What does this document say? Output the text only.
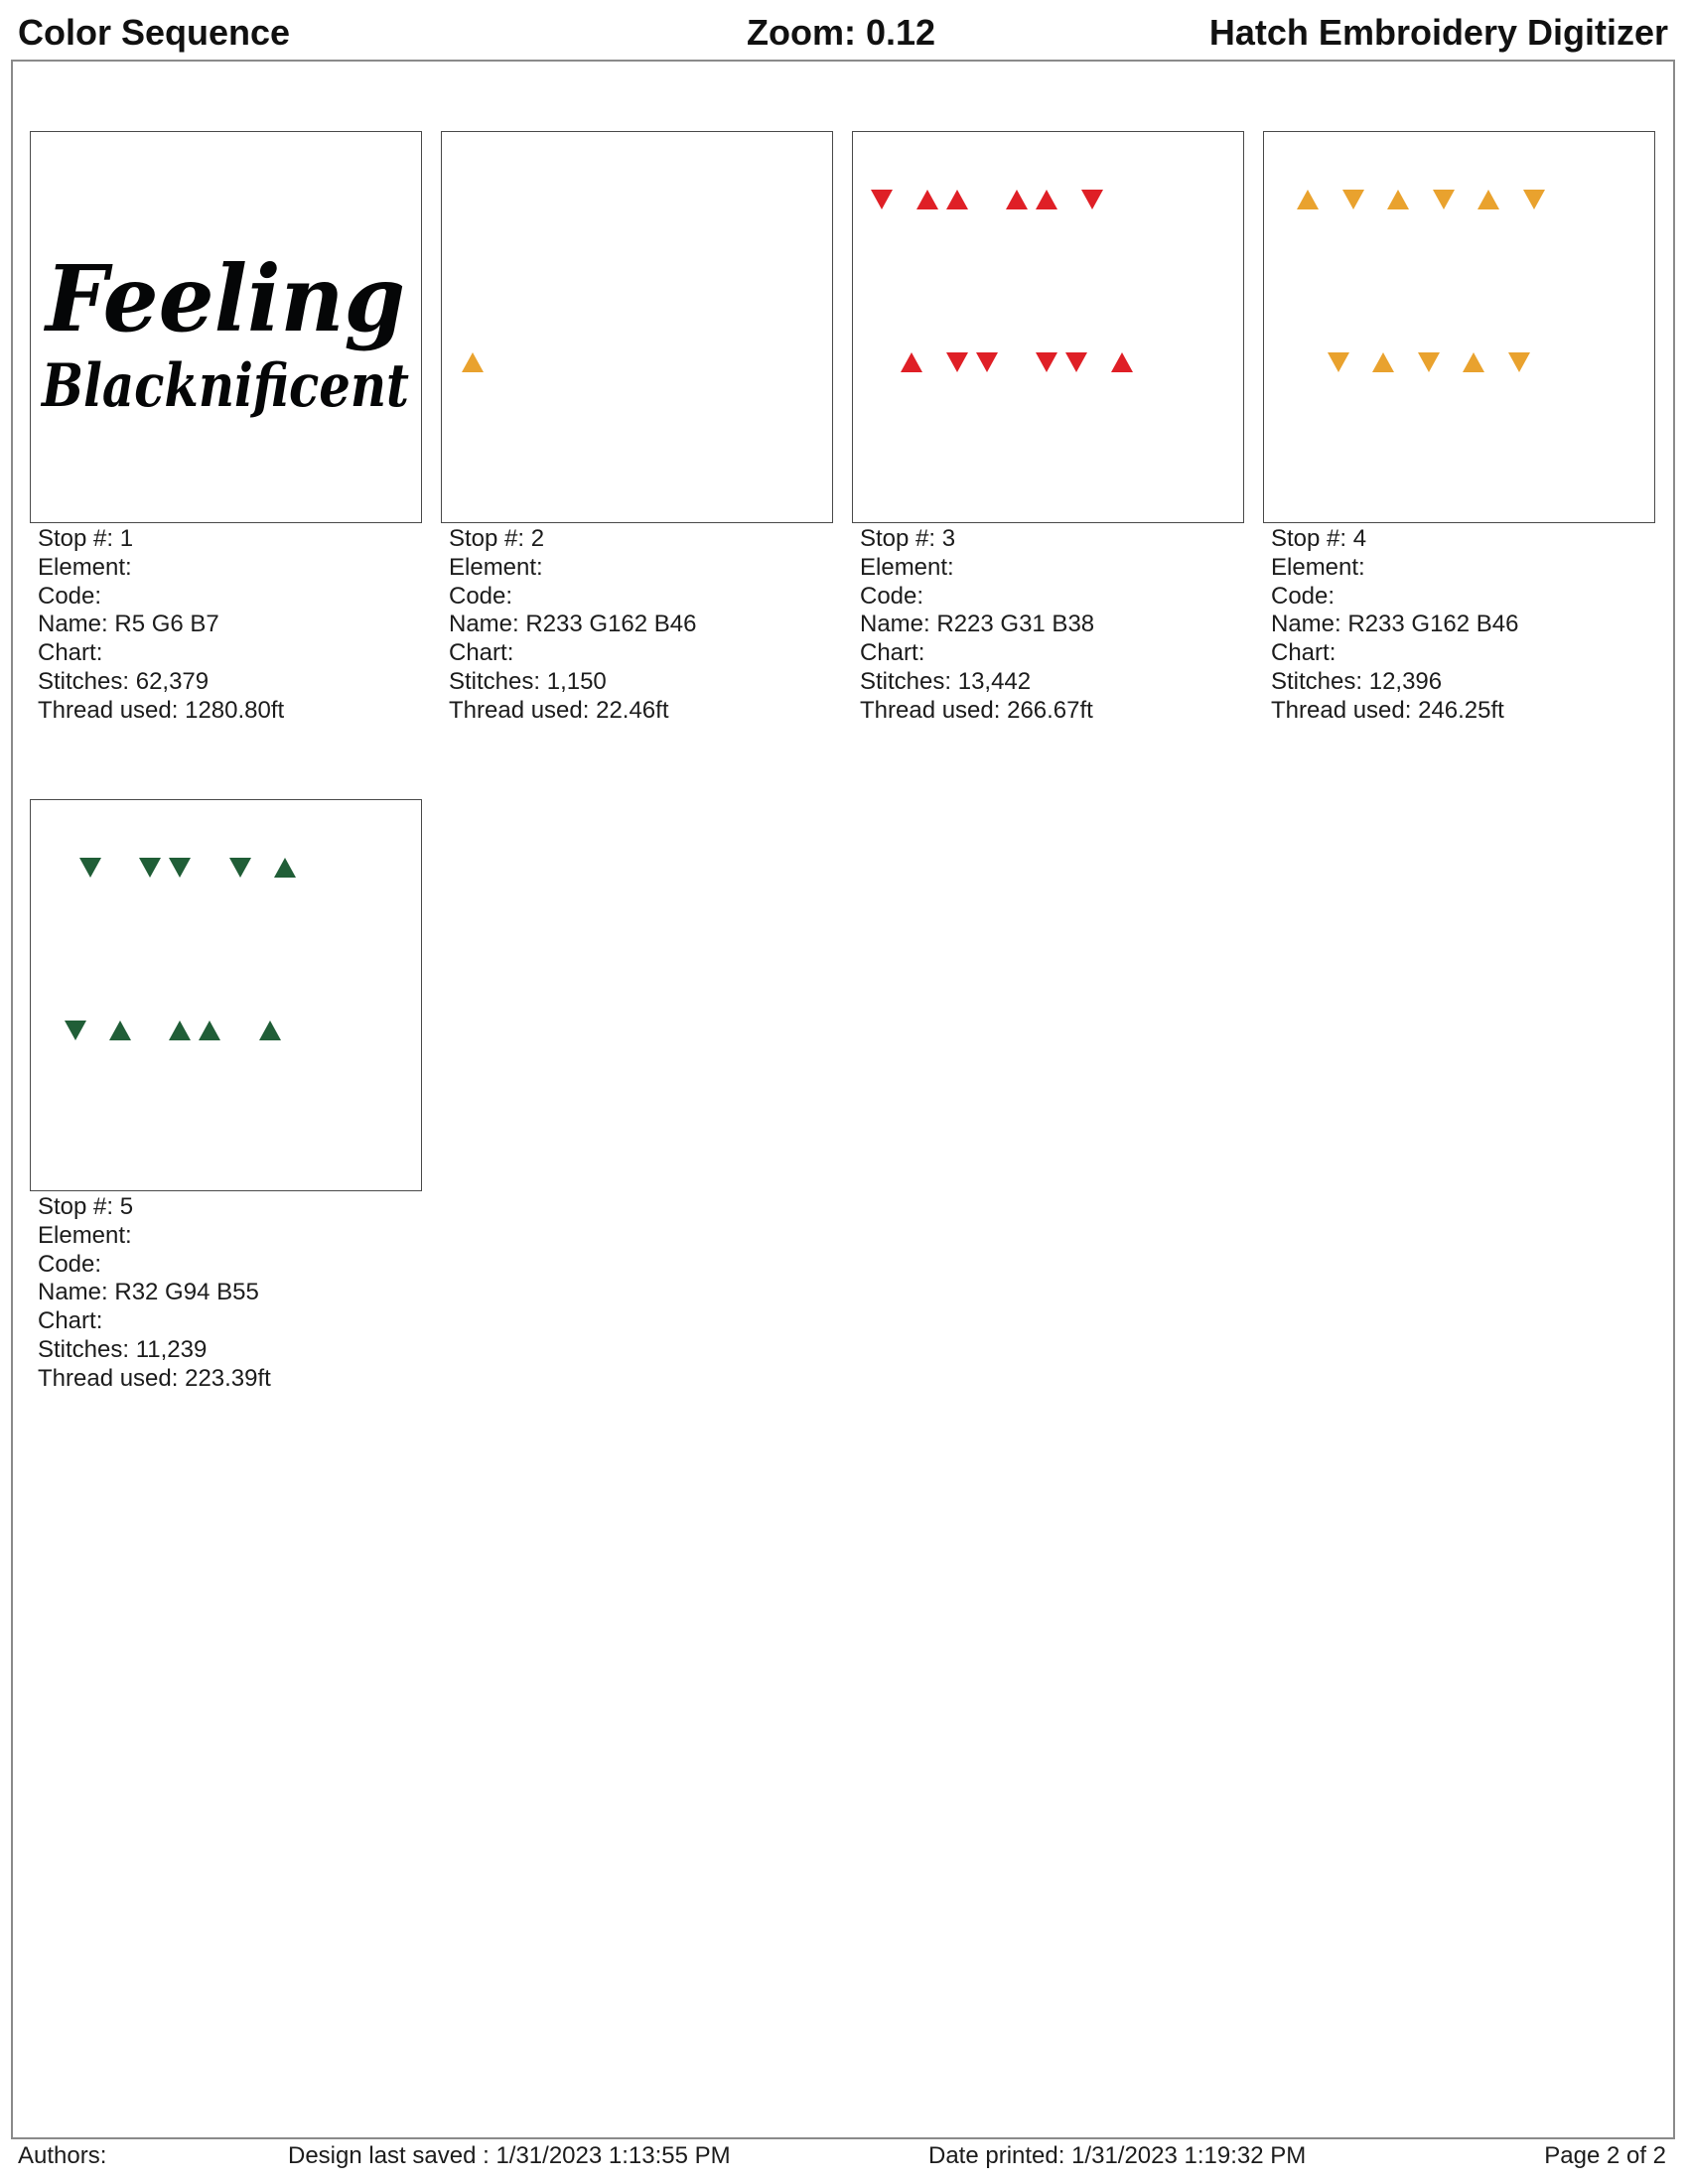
Color Sequence	Zoom: 0.12	Hatch Embroidery Digitizer
Feeling
Blacknificent
Stop #: 1
Element:
Code:
Name: R5 G6 B7
Chart:
Stitches: 62,379
Thread used: 1280.80ft
Stop #: 2
Element:
Code:
Name: R233 G162 B46
Chart:
Stitches: 1,150
Thread used: 22.46ft
Stop #: 3
Element:
Code:
Name: R223 G31 B38
Chart:
Stitches: 13,442
Thread used: 266.67ft
Stop #: 4
Element:
Code:
Name: R233 G162 B46
Chart:
Stitches: 12,396
Thread used: 246.25ft
Stop #: 5
Element:
Code:
Name: R32 G94 B55
Chart:
Stitches: 11,239
Thread used: 223.39ft
Authors:	Design last saved : 1/31/2023 1:13:55 PM	Date printed: 1/31/2023 1:19:32 PM	Page 2 of 2
